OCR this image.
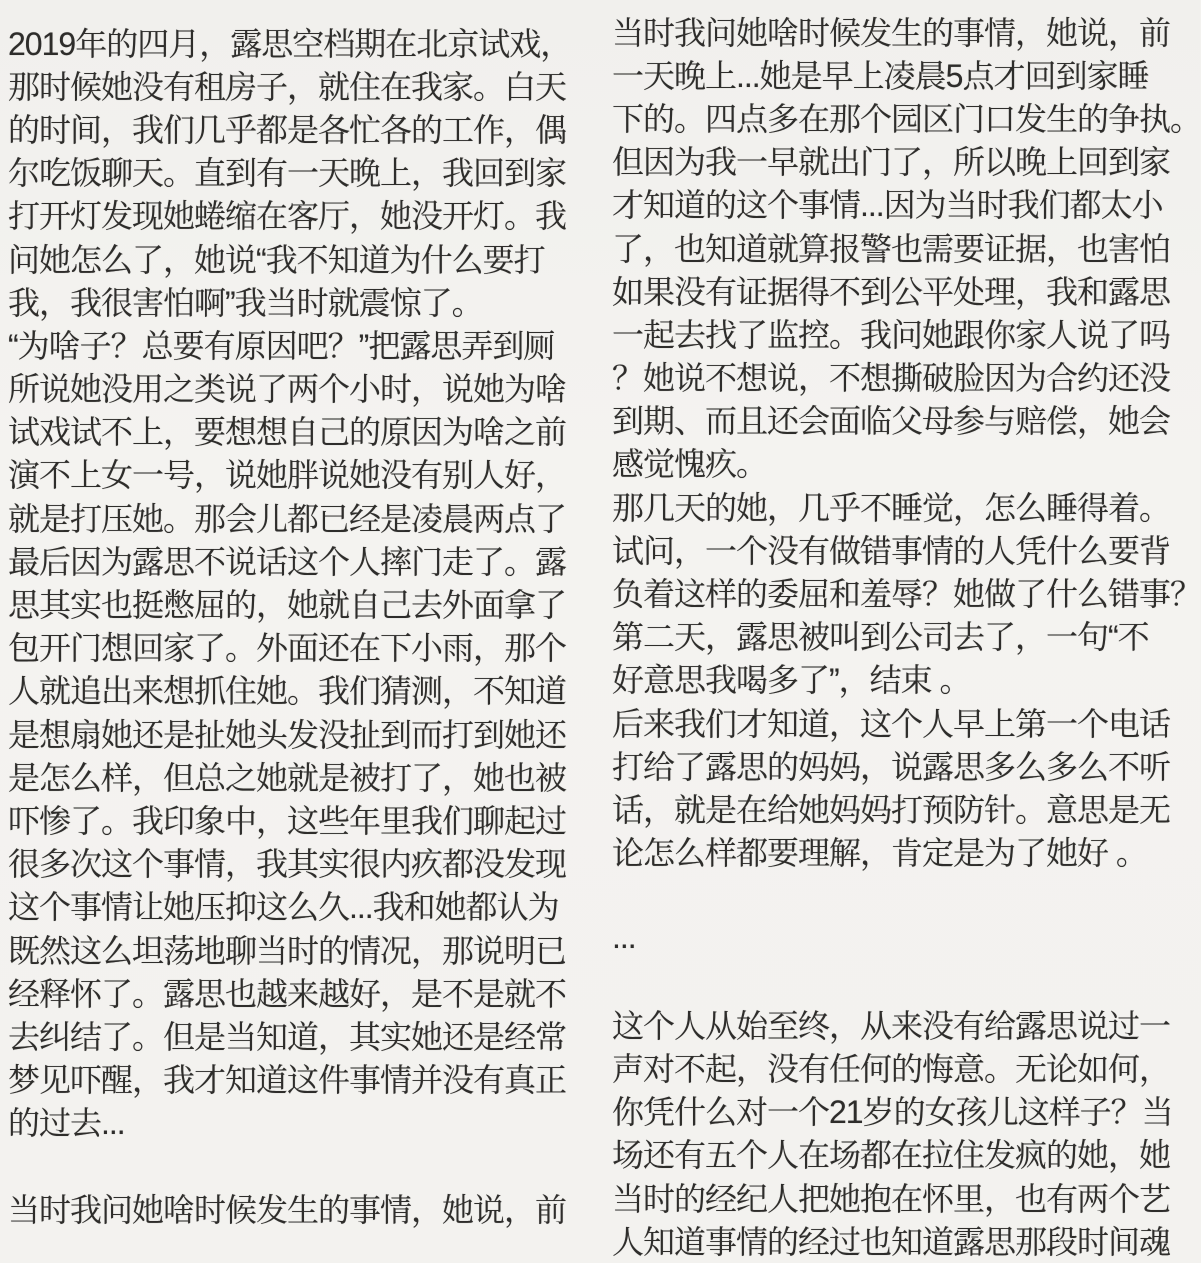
2019年的四月，露思空档期在北京试戏，
那时候她没有租房子，就住在我家。白天
的时间，我们几乎都是各忙各的工作，偶
尔吃饭聊天。直到有一天晚上，我回到家
打开灯发现她蜷缩在客厅，她没开灯。我
问她怎么了，她说“我不知道为什么要打
我，我很害怕啊”我当时就震惊了。
“为啥子？总要有原因吧？”把露思弄到厕
所说她没用之类说了两个小时，说她为啥
试戏试不上，要想想自己的原因为啥之前
演不上女一号，说她胖说她没有别人好，
就是打压她。那会儿都已经是凌晨两点了
最后因为露思不说话这个人摔门走了。露
思其实也挺憋屈的，她就自己去外面拿了
包开门想回家了。外面还在下小雨，那个
人就追出来想抓住她。我们猜测，不知道
是想扇她还是扯她头发没扯到而打到她还
是怎么样，但总之她就是被打了，她也被
吓惨了。我印象中，这些年里我们聊起过
很多次这个事情，我其实很内疚都没发现
这个事情让她压抑这么久...我和她都认为
既然这么坦荡地聊当时的情况，那说明已
经释怀了。露思也越来越好，是不是就不
去纠结了。但是当知道，其实她还是经常
梦见吓醒，我才知道这件事情并没有真正
的过去...
当时我问她啥时候发生的事情，她说，前
当时我问她啥时候发生的事情，她说，前
一天晚上...她是早上凌晨5点才回到家睡
下的。四点多在那个园区门口发生的争执。
但因为我一早就出门了，所以晚上回到家
才知道的这个事情...因为当时我们都太小
了，也知道就算报警也需要证据，也害怕
如果没有证据得不到公平处理，我和露思
一起去找了监控。我问她跟你家人说了吗
？她说不想说，不想撕破脸因为合约还没
到期、而且还会面临父母参与赔偿，她会
感觉愧疚。
那几天的她，几乎不睡觉，怎么睡得着。
试问，一个没有做错事情的人凭什么要背
负着这样的委屈和羞辱？她做了什么错事？
第二天，露思被叫到公司去了，一句“不
好意思我喝多了”，结束 。
后来我们才知道，这个人早上第一个电话
打给了露思的妈妈，说露思多么多么不听
话，就是在给她妈妈打预防针。意思是无
论怎么样都要理解，肯定是为了她好 。
...
这个人从始至终，从来没有给露思说过一
声对不起，没有任何的悔意。无论如何，
你凭什么对一个21岁的女孩儿这样子？当
场还有五个人在场都在拉住发疯的她，她
当时的经纪人把她抱在怀里，也有两个艺
人知道事情的经过也知道露思那段时间魂
